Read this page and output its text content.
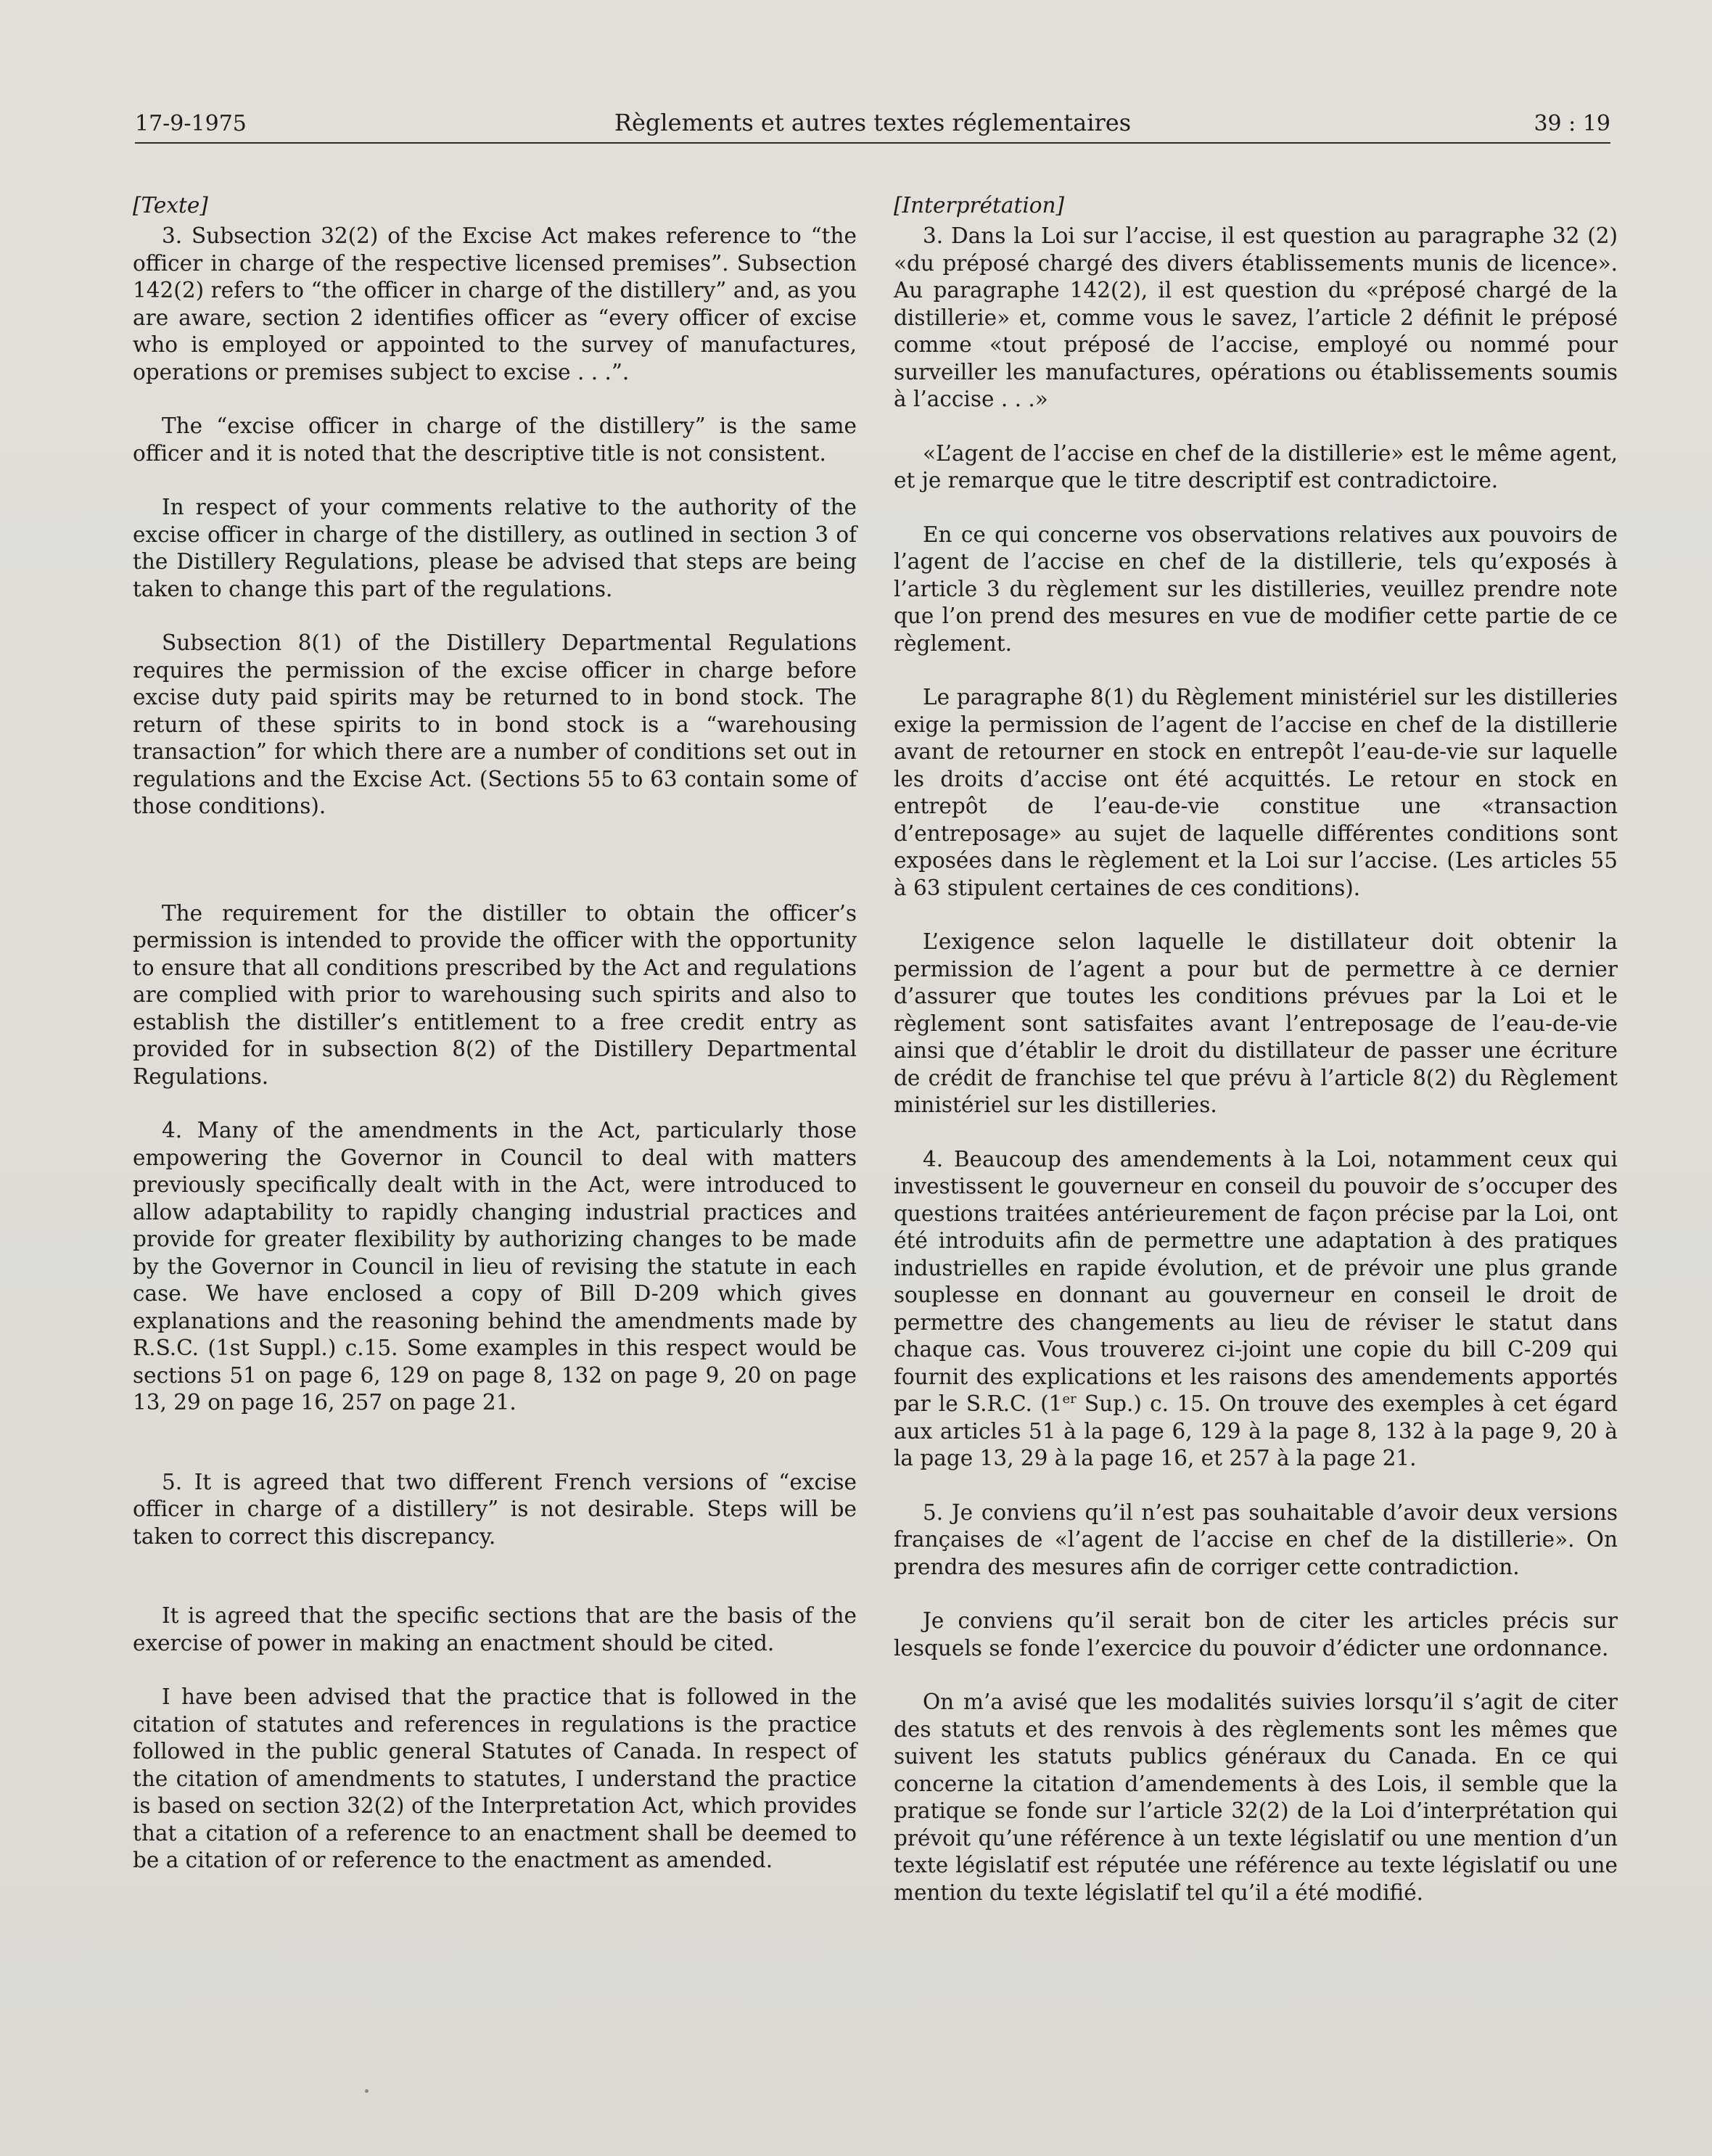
17-9-1975	Règlements et autres textes réglementaires	39 : 19

[Texte]

3. Subsection 32(2) of the Excise Act makes reference to “the officer in charge of the respective licensed premises”. Subsection 142(2) refers to “the officer in charge of the distillery” and, as you are aware, section 2 identifies officer as “every officer of excise who is employed or appointed to the survey of manufactures, operations or premises subject to excise . . .”.

The “excise officer in charge of the distillery” is the same officer and it is noted that the descriptive title is not consistent.

In respect of your comments relative to the authority of the excise officer in charge of the distillery, as outlined in section 3 of the Distillery Regulations, please be advised that steps are being taken to change this part of the regulations.

Subsection 8(1) of the Distillery Departmental Regulations requires the permission of the excise officer in charge before excise duty paid spirits may be returned to in bond stock. The return of these spirits to in bond stock is a “warehousing transaction” for which there are a number of conditions set out in regulations and the Excise Act. (Sections 55 to 63 contain some of those conditions).

The requirement for the distiller to obtain the officer’s permission is intended to provide the officer with the opportunity to ensure that all conditions prescribed by the Act and regulations are complied with prior to warehousing such spirits and also to establish the distiller’s entitlement to a free credit entry as provided for in subsection 8(2) of the Distillery Departmental Regulations.

4. Many of the amendments in the Act, particularly those empowering the Governor in Council to deal with matters previously specifically dealt with in the Act, were introduced to allow adaptability to rapidly changing industrial practices and provide for greater flexibility by authorizing changes to be made by the Governor in Council in lieu of revising the statute in each case. We have enclosed a copy of Bill D-209 which gives explanations and the reasoning behind the amendments made by R.S.C. (1st Suppl.) c.15. Some examples in this respect would be sections 51 on page 6, 129 on page 8, 132 on page 9, 20 on page 13, 29 on page 16, 257 on page 21.

5. It is agreed that two different French versions of “excise officer in charge of a distillery” is not desirable. Steps will be taken to correct this discrepancy.

It is agreed that the specific sections that are the basis of the exercise of power in making an enactment should be cited.

I have been advised that the practice that is followed in the citation of statutes and references in regulations is the practice followed in the public general Statutes of Canada. In respect of the citation of amendments to statutes, I understand the practice is based on section 32(2) of the Interpretation Act, which provides that a citation of a reference to an enactment shall be deemed to be a citation of or reference to the enactment as amended.

[Interprétation]

3. Dans la Loi sur l’accise, il est question au paragraphe 32 (2) «du préposé chargé des divers établissements munis de licence». Au paragraphe 142(2), il est question du «préposé chargé de la distillerie» et, comme vous le savez, l’article 2 définit le préposé comme «tout préposé de l’accise, employé ou nommé pour surveiller les manufactures, opérations ou établissements soumis à l’accise . . .»

«L’agent de l’accise en chef de la distillerie» est le même agent, et je remarque que le titre descriptif est contradictoire.

En ce qui concerne vos observations relatives aux pouvoirs de l’agent de l’accise en chef de la distillerie, tels qu’exposés à l’article 3 du règlement sur les distilleries, veuillez prendre note que l’on prend des mesures en vue de modifier cette partie de ce règlement.

Le paragraphe 8(1) du Règlement ministériel sur les distilleries exige la permission de l’agent de l’accise en chef de la distillerie avant de retourner en stock en entrepôt l’eau-de-vie sur laquelle les droits d’accise ont été acquittés. Le retour en stock en entrepôt de l’eau-de-vie constitue une «transaction d’entreposage» au sujet de laquelle différentes conditions sont exposées dans le règlement et la Loi sur l’accise. (Les articles 55 à 63 stipulent certaines de ces conditions).

L’exigence selon laquelle le distillateur doit obtenir la permission de l’agent a pour but de permettre à ce dernier d’assurer que toutes les conditions prévues par la Loi et le règlement sont satisfaites avant l’entreposage de l’eau-de-vie ainsi que d’établir le droit du distillateur de passer une écriture de crédit de franchise tel que prévu à l’article 8(2) du Règlement ministériel sur les distilleries.

4. Beaucoup des amendements à la Loi, notamment ceux qui investissent le gouverneur en conseil du pouvoir de s’occuper des questions traitées antérieurement de façon précise par la Loi, ont été introduits afin de permettre une adaptation à des pratiques industrielles en rapide évolution, et de prévoir une plus grande souplesse en donnant au gouverneur en conseil le droit de permettre des changements au lieu de réviser le statut dans chaque cas. Vous trouverez ci-joint une copie du bill C-209 qui fournit des explications et les raisons des amendements apportés par le S.R.C. (1er Sup.) c. 15. On trouve des exemples à cet égard aux articles 51 à la page 6, 129 à la page 8, 132 à la page 9, 20 à la page 13, 29 à la page 16, et 257 à la page 21.

5. Je conviens qu’il n’est pas souhaitable d’avoir deux versions françaises de «l’agent de l’accise en chef de la distillerie». On prendra des mesures afin de corriger cette contradiction.

Je conviens qu’il serait bon de citer les articles précis sur lesquels se fonde l’exercice du pouvoir d’édicter une ordonnance.

On m’a avisé que les modalités suivies lorsqu’il s’agit de citer des statuts et des renvois à des règlements sont les mêmes que suivent les statuts publics généraux du Canada. En ce qui concerne la citation d’amendements à des Lois, il semble que la pratique se fonde sur l’article 32(2) de la Loi d’interprétation qui prévoit qu’une référence à un texte législatif ou une mention d’un texte législatif est réputée une référence au texte législatif ou une mention du texte législatif tel qu’il a été modifié.
